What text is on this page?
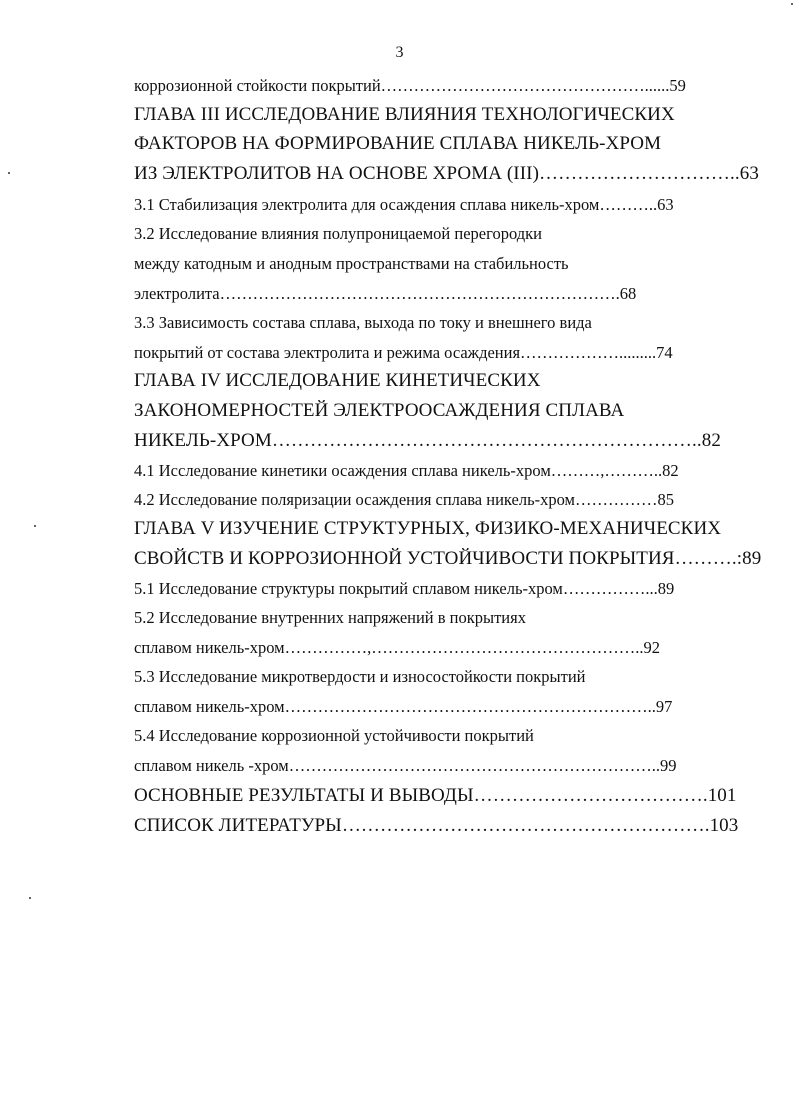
3
коррозионной стойкости покрытий…………………………………………......59
ГЛАВА III ИССЛЕДОВАНИЕ ВЛИЯНИЯ ТЕХНОЛОГИЧЕСКИХ
ФАКТОРОВ НА ФОРМИРОВАНИЕ СПЛАВА НИКЕЛЬ-ХРОМ
ИЗ ЭЛЕКТРОЛИТОВ НА ОСНОВЕ ХРОМА (III)…………………………..63
3.1 Стабилизация электролита для осаждения сплава никель-хром………..63
3.2 Исследование влияния полупроницаемой перегородки
между катодным и анодным пространствами на стабильность
электролита……………………………………………………………….68
3.3 Зависимость состава сплава, выхода по току и внешнего вида
покрытий от состава электролита и режима осаждения……………….........74
ГЛАВА IV ИССЛЕДОВАНИЕ КИНЕТИЧЕСКИХ
ЗАКОНОМЕРНОСТЕЙ ЭЛЕКТРООСАЖДЕНИЯ СПЛАВА
НИКЕЛЬ-ХРОМ…………………………………………………………..82
4.1 Исследование кинетики осаждения сплава никель-хром………,………..82
4.2 Исследование поляризации осаждения сплава никель-хром……………85
ГЛАВА V ИЗУЧЕНИЕ СТРУКТУРНЫХ, ФИЗИКО-МЕХАНИЧЕСКИХ
СВОЙСТВ И КОРРОЗИОННОЙ УСТОЙЧИВОСТИ ПОКРЫТИЯ……….:89
5.1 Исследование структуры покрытий сплавом никель-хром……………...89
5.2 Исследование внутренних напряжений в покрытиях
сплавом никель-хром……………,…………………………………………..92
5.3 Исследование микротвердости и износостойкости покрытий
сплавом никель-хром…………………………………………………………..97
5.4 Исследование коррозионной устойчивости покрытий
сплавом никель -хром…………………………………………………………..99
ОСНОВНЫЕ РЕЗУЛЬТАТЫ И ВЫВОДЫ……………………………….101
СПИСОК ЛИТЕРАТУРЫ………………………………………………….103
